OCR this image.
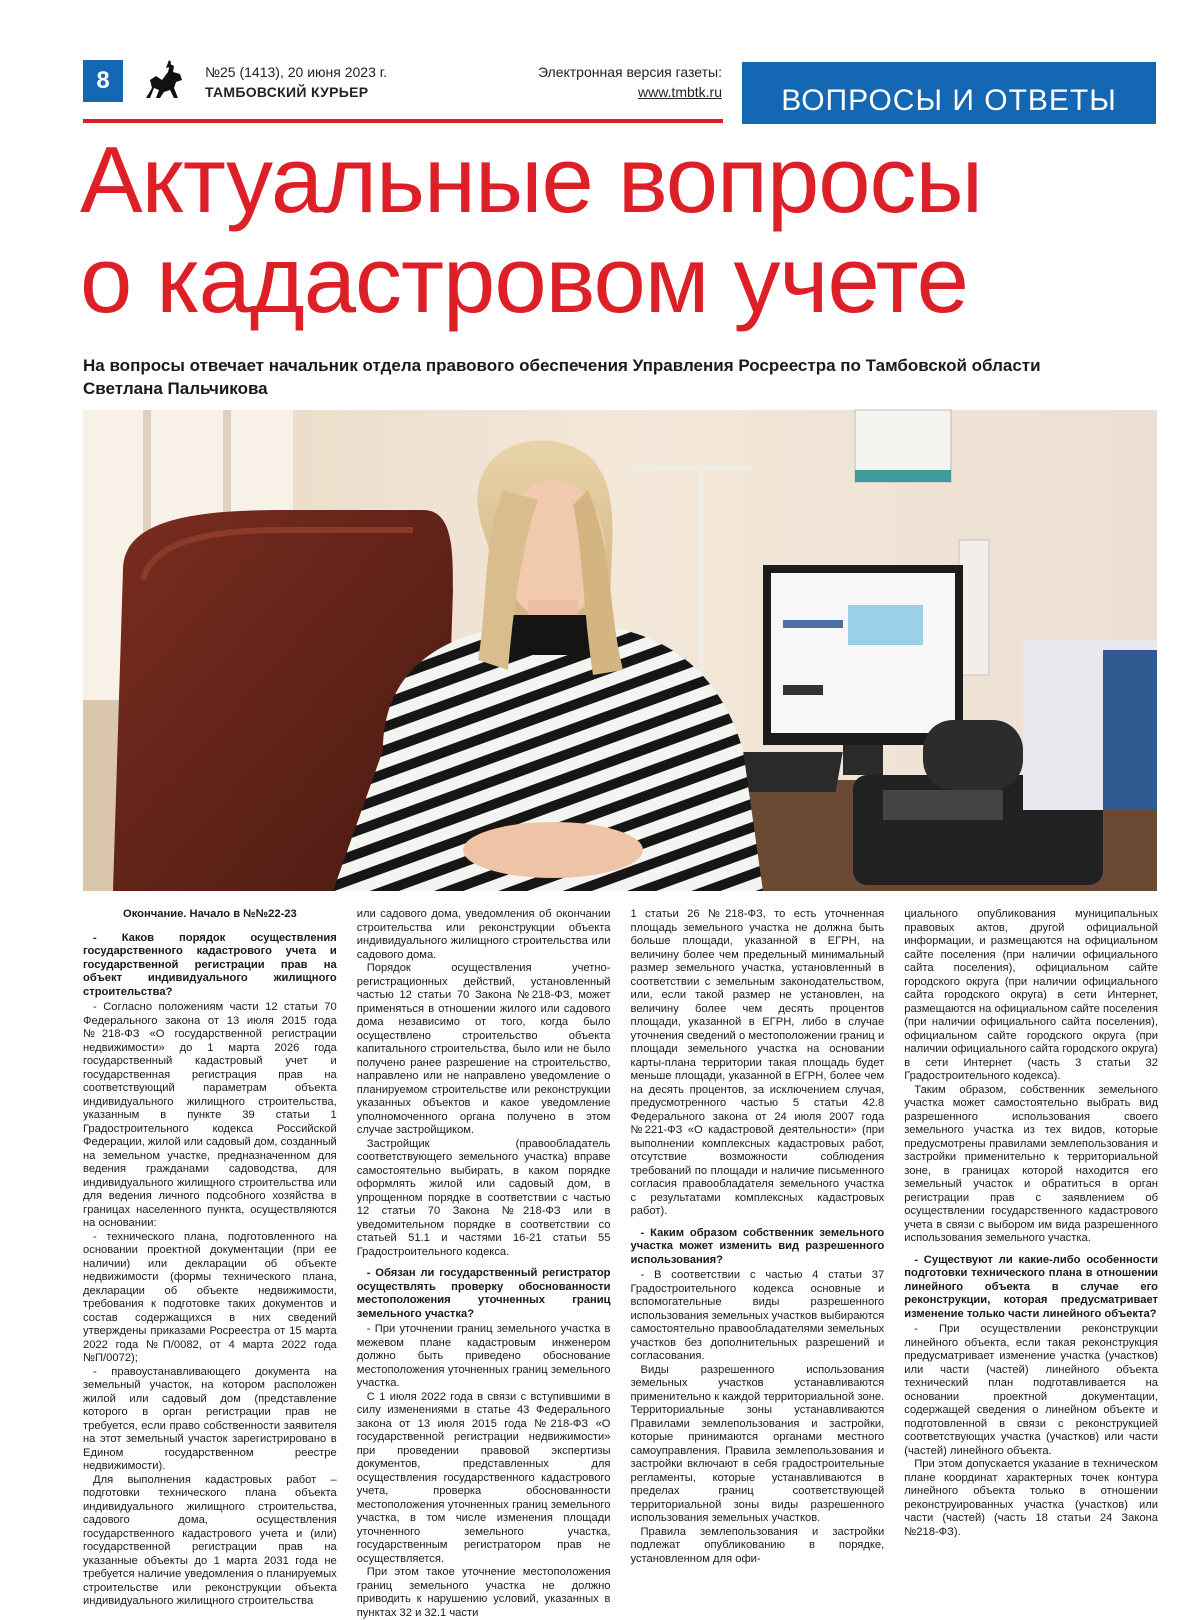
8	№25 (1413), 20 июня 2023 г.
ТАМБОВСКИЙ КУРЬЕР
Электронная версия газеты:
www.tmbtk.ru ВОПРОСЫ И ОТВЕТЫ
Актуальные вопросы
о кадастровом учете
На вопросы отвечает начальник отдела правового обеспечения Управления Росреестра по Тамбовской области
Светлана Пальчикова

Окончание. Начало в №№22-23

- Каков порядок осуществления государственного кадастрового учета и государственной регистрации прав на объект индивидуального жилищного строительства?

- Согласно положениям части 12 статьи 70 Федерального закона от 13 июля 2015 года №218-ФЗ «О государственной регистрации недвижимости» до 1 марта 2026 года государственный кадастровый учет и государственная регистрация прав на соответствующий параметрам объекта индивидуального жилищного строительства, указанным в пункте 39 статьи 1 Градостроительного кодекса Российской Федерации, жилой или садовый дом, созданный на земельном участке, предназначенном для ведения гражданами садоводства, для индивидуального жилищного строительства или для ведения личного подсобного хозяйства в границах населенного пункта, осуществляются на основании:

- технического плана, подготовленного на основании проектной документации (при ее наличии) или декларации об объекте недвижимости (формы технического плана, декларации об объекте недвижимости, требования к подготовке таких документов и состав содержащихся в них сведений утверждены приказами Росреестра от 15 марта 2022 года №П/0082, от 4 марта 2022 года №П/0072);

- правоустанавливающего документа на земельный участок, на котором расположен жилой или садовый дом (представление которого в орган регистрации прав не требуется, если право собственности заявителя на этот земельный участок зарегистрировано в Едином государственном реестре недвижимости).

Для выполнения кадастровых работ – подготовки технического плана объекта индивидуального жилищного строительства, садового дома, осуществления государственного кадастрового учета и (или) государственной регистрации прав на указанные объекты до 1 марта 2031 года не требуется наличие уведомления о планируемых строительстве или реконструкции объекта индивидуального жилищного строительства

или садового дома, уведомления об окончании строительства или реконструкции объекта индивидуального жилищного строительства или садового дома.

Порядок осуществления учетно-регистрационных действий, установленный частью 12 статьи 70 Закона №218-ФЗ, может применяться в отношении жилого или садового дома независимо от того, когда было осуществлено строительство объекта капитального строительства, было или не было получено ранее разрешение на строительство, направлено или не направлено уведомление о планируемом строительстве или реконструкции указанных объектов и какое уведомление уполномоченного органа получено в этом случае застройщиком.

Застройщик (правообладатель соответствующего земельного участка) вправе самостоятельно выбирать, в каком порядке оформлять жилой или садовый дом, в упрощенном порядке в соответствии с частью 12 статьи 70 Закона №218-ФЗ или в уведомительном порядке в соответствии со статьей 51.1 и частями 16-21 статьи 55 Градостроительного кодекса.

- Обязан ли государственный регистратор осуществлять проверку обоснованности местоположения уточненных границ земельного участка?

- При уточнении границ земельного участка в межевом плане кадастровым инженером должно быть приведено обоснование местоположения уточненных границ земельного участка.

С 1 июля 2022 года в связи с вступившими в силу изменениями в статье 43 Федерального закона от 13 июля 2015 года №218-ФЗ «О государственной регистрации недвижимости» при проведении правовой экспертизы документов, представленных для осуществления государственного кадастрового учета, проверка обоснованности местоположения уточненных границ земельного участка, в том числе изменения площади уточненного земельного участка, государственным регистратором прав не осуществляется.

При этом такое уточнение местоположения границ земельного участка не должно приводить к нарушению условий, указанных в пунктах 32 и 32.1 части

1 статьи 26 №218-ФЗ, то есть уточненная площадь земельного участка не должна быть больше площади, указанной в ЕГРН, на величину более чем предельный минимальный размер земельного участка, установленный в соответствии с земельным законодательством, или, если такой размер не установлен, на величину более чем десять процентов площади, указанной в ЕГРН, либо в случае уточнения сведений о местоположении границ и площади земельного участка на основании карты-плана территории такая площадь будет меньше площади, указанной в ЕГРН, более чем на десять процентов, за исключением случая, предусмотренного частью 5 статьи 42.8 Федерального закона от 24 июля 2007 года №221-ФЗ «О кадастровой деятельности» (при выполнении комплексных кадастровых работ, отсутствие возможности соблюдения требований по площади и наличие письменного согласия правообладателя земельного участка с результатами комплексных кадастровых работ).

- Каким образом собственник земельного участка может изменить вид разрешенного использования?

- В соответствии с частью 4 статьи 37 Градостроительного кодекса основные и вспомогательные виды разрешенного использования земельных участков выбираются самостоятельно правообладателями земельных участков без дополнительных разрешений и согласования.

Виды разрешенного использования земельных участков устанавливаются применительно к каждой территориальной зоне. Территориальные зоны устанавливаются Правилами землепользования и застройки, которые принимаются органами местного самоуправления. Правила землепользования и застройки включают в себя градостроительные регламенты, которые устанавливаются в пределах границ соответствующей территориальной зоны виды разрешенного использования земельных участков.

Правила землепользования и застройки подлежат опубликованию в порядке, установленном для офи-

циального опубликования муниципальных правовых актов, другой официальной информации, и размещаются на официальном сайте поселения (при наличии официального сайта поселения), официальном сайте городского округа (при наличии официального сайта городского округа) в сети Интернет, размещаются на официальном сайте поселения (при наличии официального сайта поселения), официальном сайте городского округа (при наличии официального сайта городского округа) в сети Интернет (часть 3 статьи 32 Градостроительного кодекса).

Таким образом, собственник земельного участка может самостоятельно выбрать вид разрешенного использования своего земельного участка из тех видов, которые предусмотрены правилами землепользования и застройки применительно к территориальной зоне, в границах которой находится его земельный участок и обратиться в орган регистрации прав с заявлением об осуществлении государственного кадастрового учета в связи с выбором им вида разрешенного использования земельного участка.

- Существуют ли какие-либо особенности подготовки технического плана в отношении линейного объекта в случае его реконструкции, которая предусматривает изменение только части линейного объекта?

- При осуществлении реконструкции линейного объекта, если такая реконструкция предусматривает изменение участка (участков) или части (частей) линейного объекта технический план подготавливается на основании проектной документации, содержащей сведения о линейном объекте и подготовленной в связи с реконструкцией соответствующих участка (участков) или части (частей) линейного объекта.

При этом допускается указание в техническом плане координат характерных точек контура линейного объекта только в отношении реконструированных участка (участков) или части (частей) (часть 18 статьи 24 Закона №218-ФЗ).
